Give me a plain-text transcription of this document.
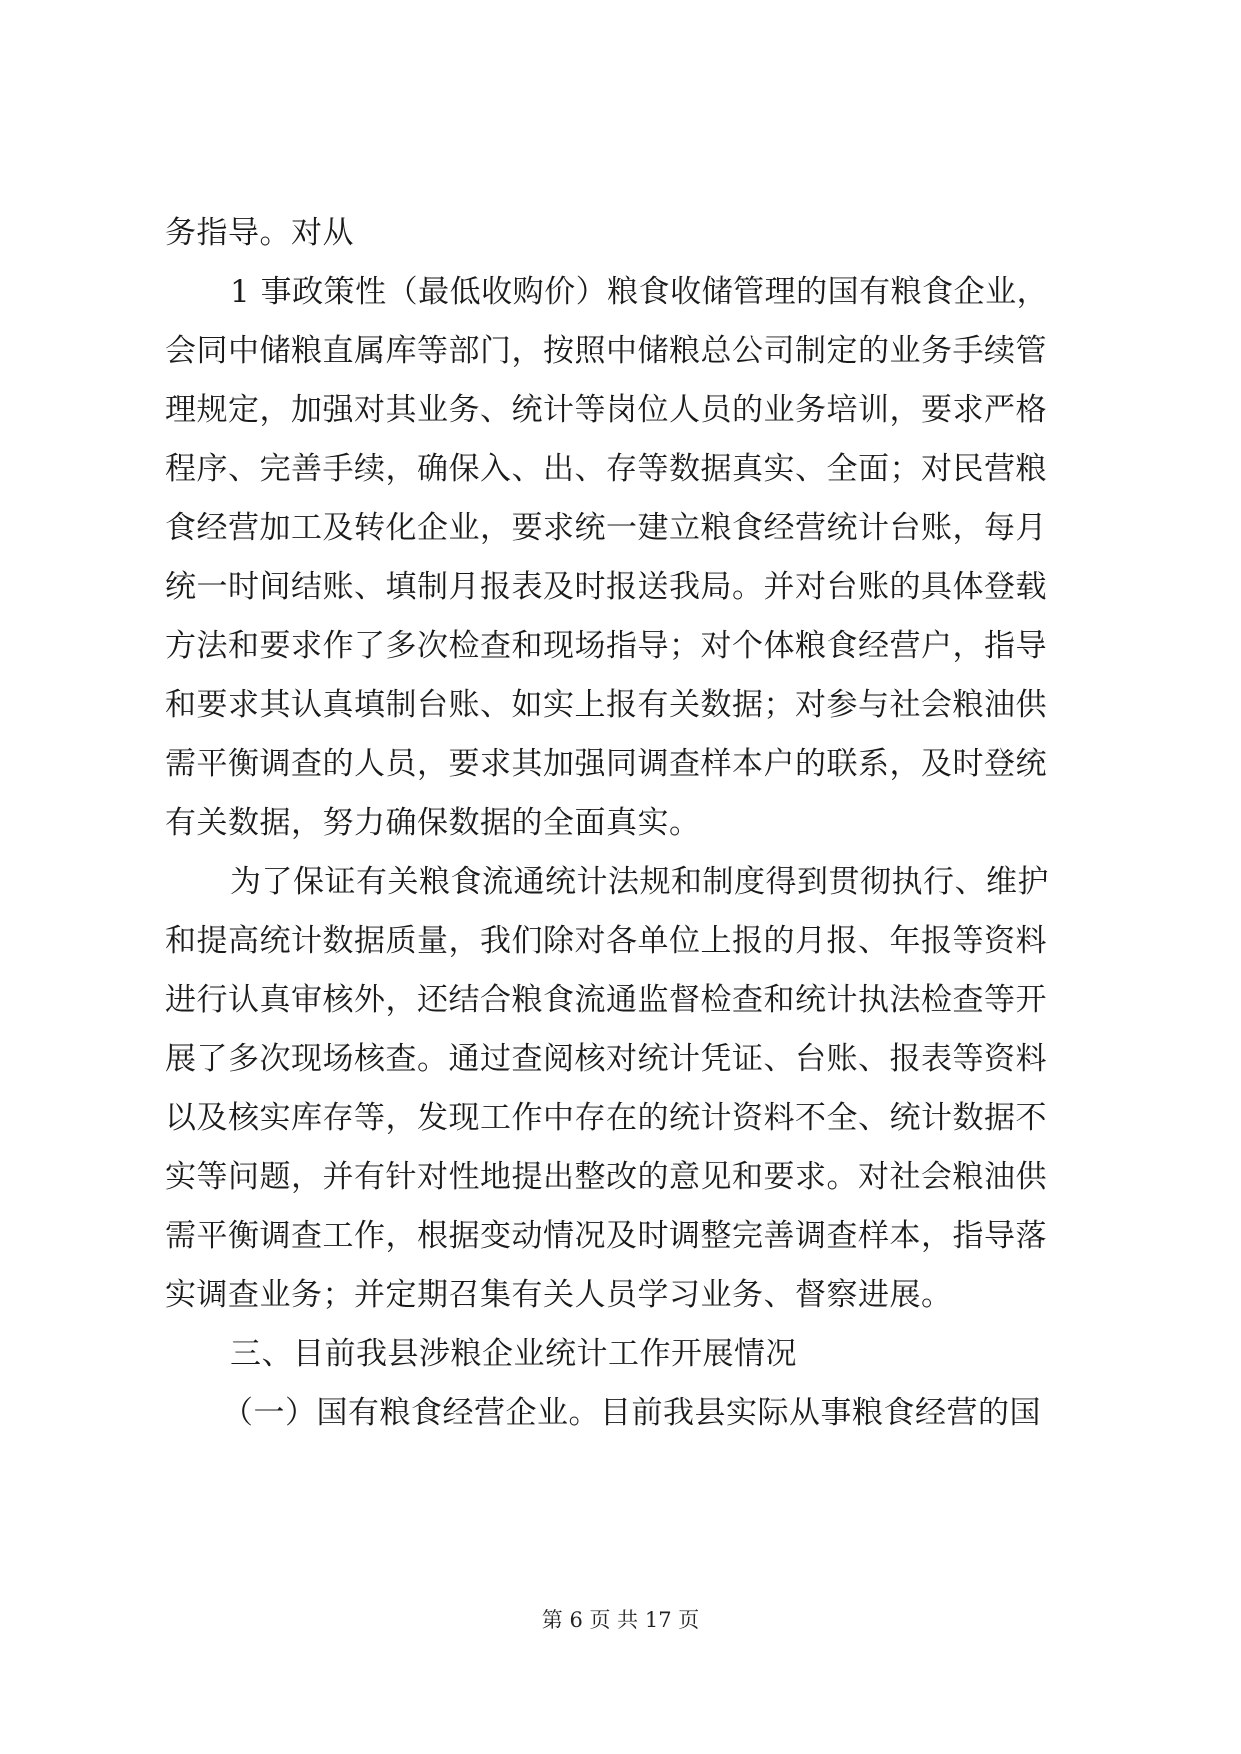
务指导。对从
1 事政策性（最低收购价）粮食收储管理的国有粮食企业，
会同中储粮直属库等部门，按照中储粮总公司制定的业务手续管
理规定，加强对其业务、统计等岗位人员的业务培训，要求严格
程序、完善手续，确保入、出、存等数据真实、全面；对民营粮
食经营加工及转化企业，要求统一建立粮食经营统计台账，每月
统一时间结账、填制月报表及时报送我局。并对台账的具体登载
方法和要求作了多次检查和现场指导；对个体粮食经营户，指导
和要求其认真填制台账、如实上报有关数据；对参与社会粮油供
需平衡调查的人员，要求其加强同调查样本户的联系，及时登统
有关数据，努力确保数据的全面真实。
为了保证有关粮食流通统计法规和制度得到贯彻执行、维护
和提高统计数据质量，我们除对各单位上报的月报、年报等资料
进行认真审核外，还结合粮食流通监督检查和统计执法检查等开
展了多次现场核查。通过查阅核对统计凭证、台账、报表等资料
以及核实库存等，发现工作中存在的统计资料不全、统计数据不
实等问题，并有针对性地提出整改的意见和要求。对社会粮油供
需平衡调查工作，根据变动情况及时调整完善调查样本，指导落
实调查业务；并定期召集有关人员学习业务、督察进展。
三、目前我县涉粮企业统计工作开展情况
（一）国有粮食经营企业。目前我县实际从事粮食经营的国
第 6 页 共 17 页
